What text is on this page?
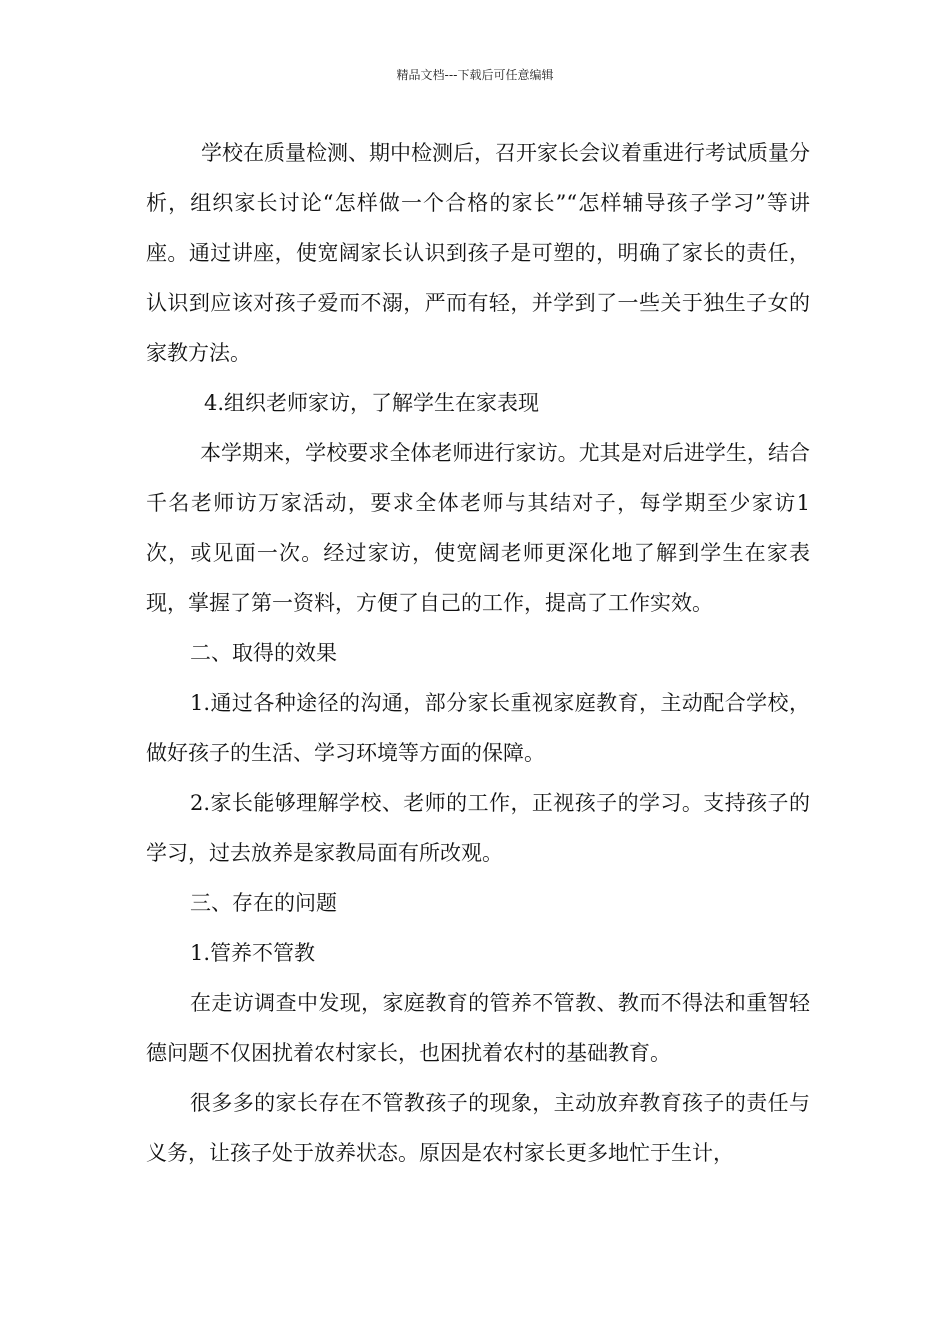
精品文档---下载后可任意编辑

学校在质量检测、期中检测后，召开家长会议着重进行考试质量分析，组织家长讨论“怎样做一个合格的家长”“怎样辅导孩子学习”等讲座。通过讲座，使宽阔家长认识到孩子是可塑的，明确了家长的责任，认识到应该对孩子爱而不溺，严而有轻，并学到了一些关于独生子女的家教方法。

4.组织老师家访，了解学生在家表现

本学期来，学校要求全体老师进行家访。尤其是对后进学生，结合千名老师访万家活动，要求全体老师与其结对子，每学期至少家访1次，或见面一次。经过家访，使宽阔老师更深化地了解到学生在家表现，掌握了第一资料，方便了自己的工作，提高了工作实效。

二、取得的效果

1.通过各种途径的沟通，部分家长重视家庭教育，主动配合学校，做好孩子的生活、学习环境等方面的保障。

2.家长能够理解学校、老师的工作，正视孩子的学习。支持孩子的学习，过去放养是家教局面有所改观。

三、存在的问题

1.管养不管教

在走访调查中发现，家庭教育的管养不管教、教而不得法和重智轻德问题不仅困扰着农村家长，也困扰着农村的基础教育。

很多多的家长存在不管教孩子的现象，主动放弃教育孩子的责任与义务，让孩子处于放养状态。原因是农村家长更多地忙于生计，
